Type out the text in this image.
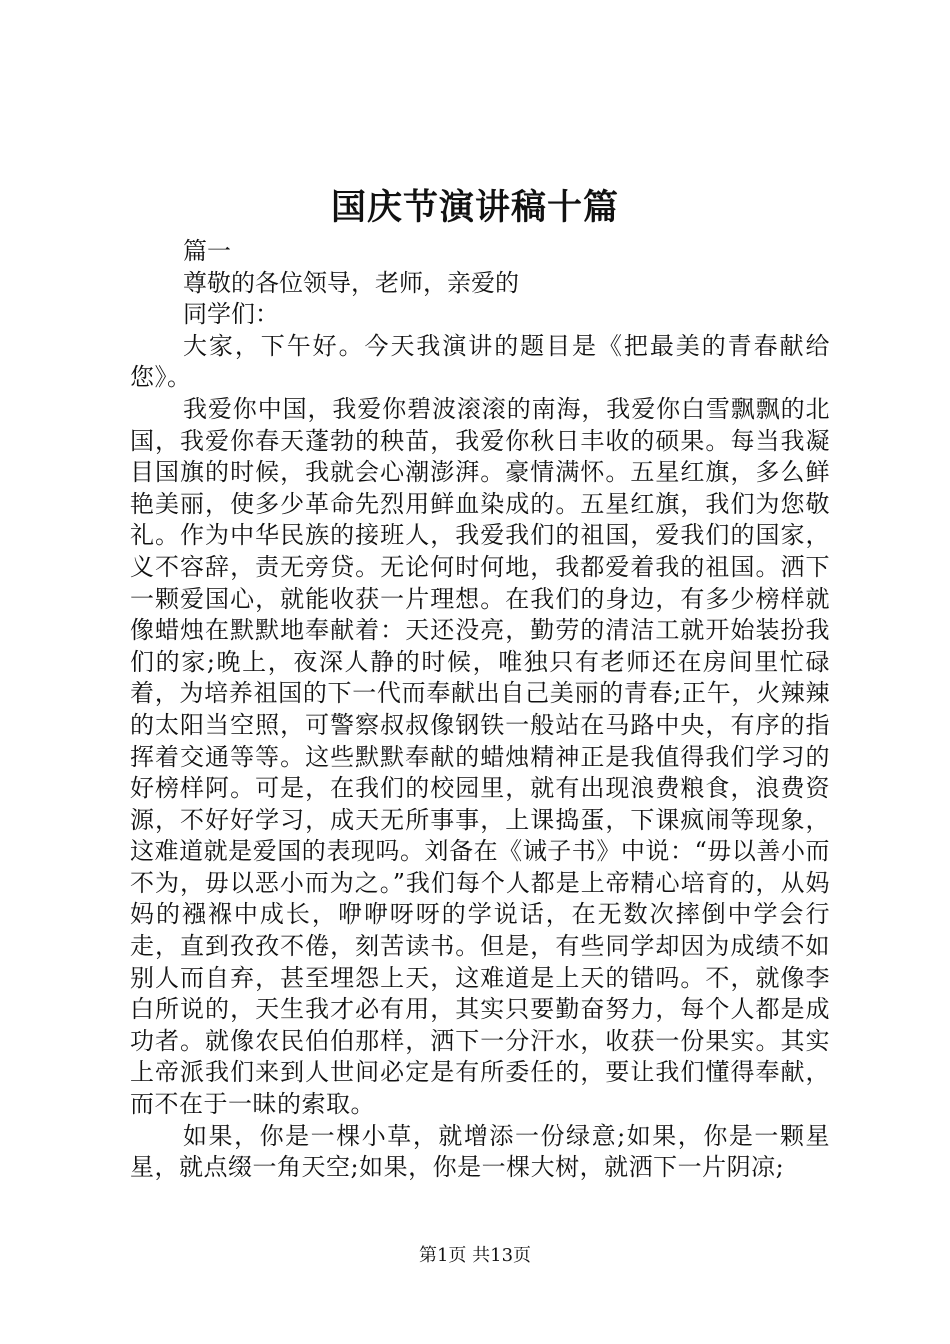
国庆节演讲稿十篇

篇一

尊敬的各位领导，老师，亲爱的

同学们：

大家，下午好。今天我演讲的题目是《把最美的青春献给您》。

我爱你中国，我爱你碧波滚滚的南海，我爱你白雪飘飘的北国，我爱你春天蓬勃的秧苗，我爱你秋日丰收的硕果。每当我凝目国旗的时候，我就会心潮澎湃。豪情满怀。五星红旗，多么鲜艳美丽，使多少革命先烈用鲜血染成的。五星红旗，我们为您敬礼。作为中华民族的接班人，我爱我们的祖国，爱我们的国家，义不容辞，责无旁贷。无论何时何地，我都爱着我的祖国。洒下一颗爱国心，就能收获一片理想。在我们的身边，有多少榜样就像蜡烛在默默地奉献着：天还没亮，勤劳的清洁工就开始装扮我们的家;晚上，夜深人静的时候，唯独只有老师还在房间里忙碌着，为培养祖国的下一代而奉献出自己美丽的青春;正午，火辣辣的太阳当空照，可警察叔叔像钢铁一般站在马路中央，有序的指挥着交通等等。这些默默奉献的蜡烛精神正是我值得我们学习的好榜样阿。可是，在我们的校园里，就有出现浪费粮食，浪费资源，不好好学习，成天无所事事，上课捣蛋，下课疯闹等现象，这难道就是爱国的表现吗。刘备在《诫子书》中说：“毋以善小而不为，毋以恶小而为之。”我们每个人都是上帝精心培育的，从妈妈的襁褓中成长，咿咿呀呀的学说话，在无数次摔倒中学会行走，直到孜孜不倦，刻苦读书。但是，有些同学却因为成绩不如别人而自弃，甚至埋怨上天，这难道是上天的错吗。不，就像李白所说的，天生我才必有用，其实只要勤奋努力，每个人都是成功者。就像农民伯伯那样，洒下一分汗水，收获一份果实。其实上帝派我们来到人世间必定是有所委任的，要让我们懂得奉献，而不在于一昧的索取。

如果，你是一棵小草，就增添一份绿意;如果，你是一颗星星，就点缀一角天空;如果，你是一棵大树，就洒下一片阴凉;

第1页 共13页
